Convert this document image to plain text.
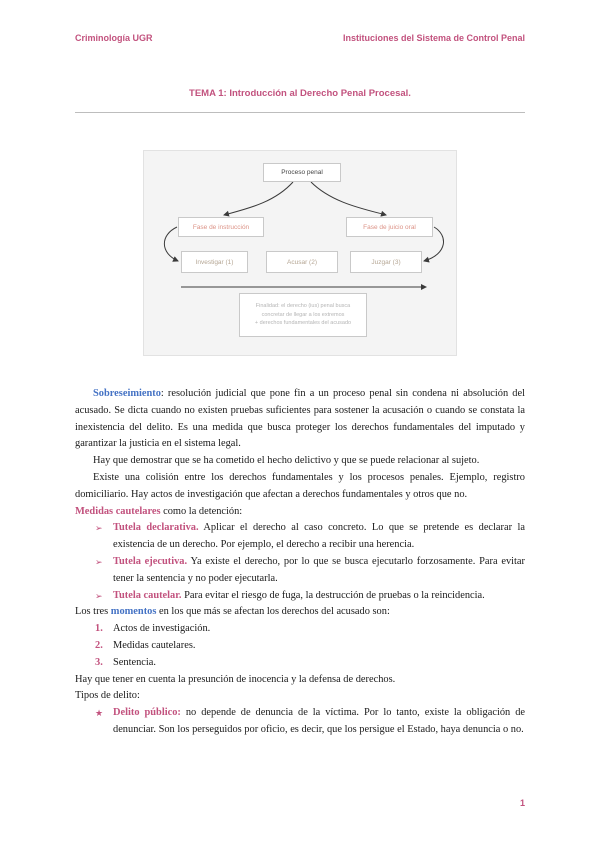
Criminología UGR	Instituciones del Sistema de Control Penal
TEMA 1: Introducción al Derecho Penal Procesal.
Proceso penal
Fase de instrucción	Fase de juicio oral
Investigar (1)	Acusar (2)	Juzgar (3)
Finalidad: el derecho (ius) penal busca
concretar de llegar a los extremos
+ derechos fundamentales del acusado

Sobreseimiento: resolución judicial que pone fin a un proceso penal sin condena ni absolución del acusado. Se dicta cuando no existen pruebas suficientes para sostener la acusación o cuando se constata la inexistencia del delito. Es una medida que busca proteger los derechos fundamentales del imputado y garantizar la justicia en el sistema legal.

Hay que demostrar que se ha cometido el hecho delictivo y que se puede relacionar al sujeto.

Existe una colisión entre los derechos fundamentales y los procesos penales. Ejemplo, registro domiciliario. Hay actos de investigación que afectan a derechos fundamentales y otros que no.

Medidas cautelares como la detención:

➢	Tutela declarativa. Aplicar el derecho al caso concreto. Lo que se pretende es declarar la existencia de un derecho. Por ejemplo, el derecho a recibir una herencia.
➢	Tutela ejecutiva. Ya existe el derecho, por lo que se busca ejecutarlo forzosamente. Para evitar tener la sentencia y no poder ejecutarla.
➢	Tutela cautelar. Para evitar el riesgo de fuga, la destrucción de pruebas o la reincidencia.

Los tres momentos en los que más se afectan los derechos del acusado son:

1. Actos de investigación.
2. Medidas cautelares.
3. Sentencia.

Hay que tener en cuenta la presunción de inocencia y la defensa de derechos.

Tipos de delito:

★ Delito público: no depende de denuncia de la víctima. Por lo tanto, existe la obligación de denunciar. Son los perseguidos por oficio, es decir, que los persigue el Estado, haya denuncia o no.
1
